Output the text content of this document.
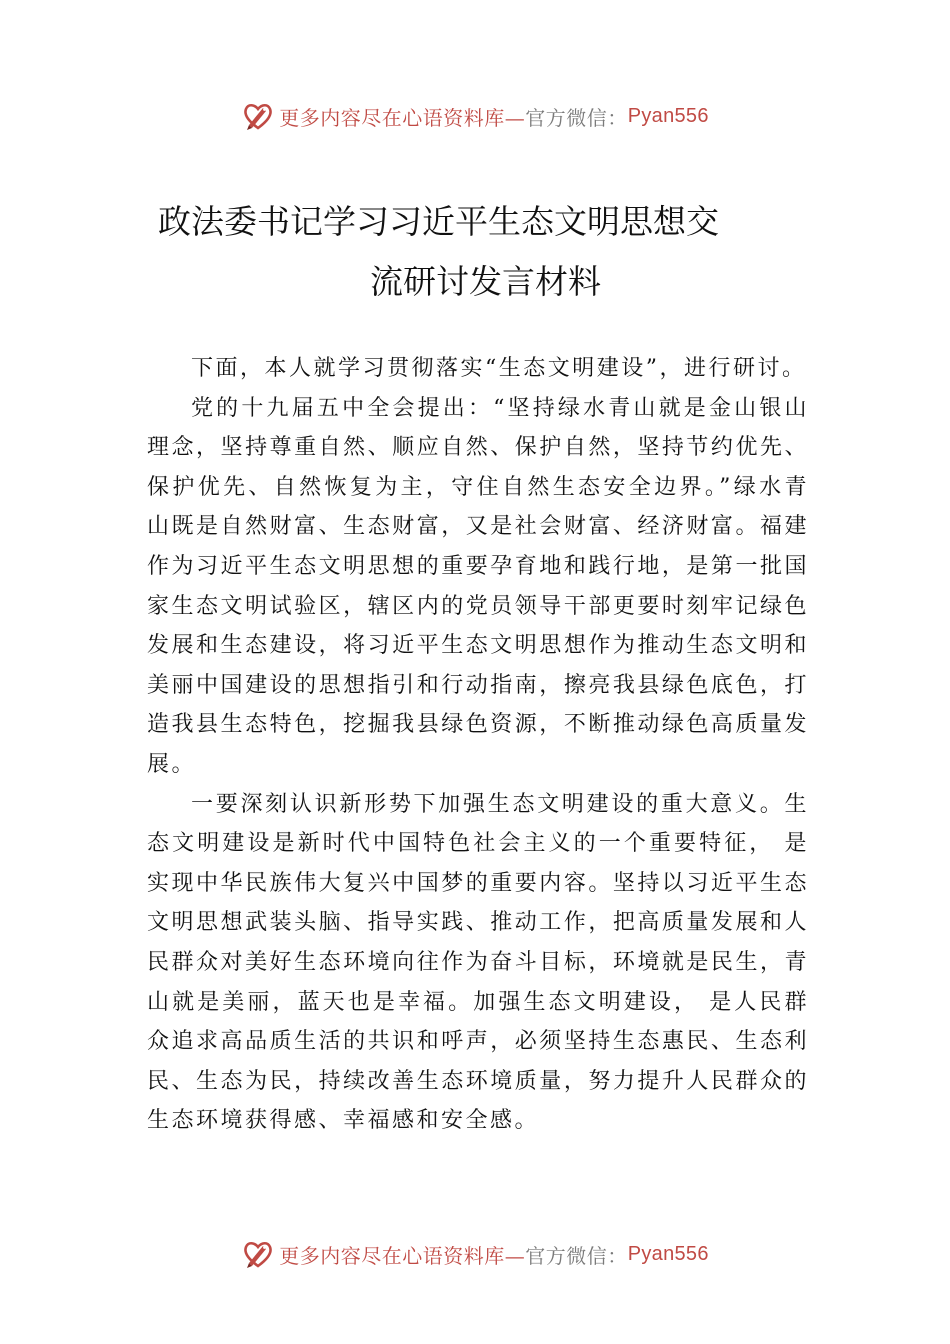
更多内容尽在心语资料库— 官方微信： Pyan556
政法委书记学习习近平生态文明思想交
流研讨发言材料

下面，本人就学习贯彻落实“生态文明建设”，进行研讨。

党的十九届五中全会提出：“坚持绿水青山就是金山银山理念，坚持尊重自然、顺应自然、保护自然，坚持节约优先、保护优先、自然恢复为主，守住自然生态安全边界。”绿水青山既是自然财富、生态财富，又是社会财富、经济财富。福建作为习近平生态文明思想的重要孕育地和践行地，是第一批国家生态文明试验区，辖区内的党员领导干部更要时刻牢记绿色发展和生态建设，将习近平生态文明思想作为推动生态文明和美丽中国建设的思想指引和行动指南，擦亮我县绿色底色，打造我县生态特色，挖掘我县绿色资源，不断推动绿色高质量发展。

一要深刻认识新形势下加强生态文明建设的重大意义。生态文明建设是新时代中国特色社会主义的一个重要特征， 是实现中华民族伟大复兴中国梦的重要内容。坚持以习近平生态文明思想武装头脑、指导实践、推动工作，把高质量发展和人民群众对美好生态环境向往作为奋斗目标，环境就是民生，青山就是美丽，蓝天也是幸福。加强生态文明建设， 是人民群众追求高品质生活的共识和呼声，必须坚持生态惠民、生态利民、生态为民，持续改善生态环境质量，努力提升人民群众的生态环境获得感、幸福感和安全感。

更多内容尽在心语资料库— 官方微信： Pyan556
